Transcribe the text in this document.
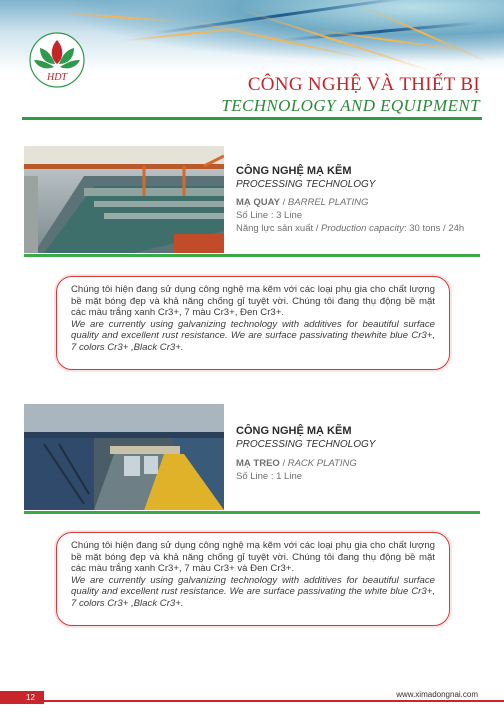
HDT	CÔNG NGHỆ VÀ THIẾT BỊ
TECHNOLOGY AND EQUIPMENT
CÔNG NGHỆ MẠ KẼM
PROCESSING TECHNOLOGY
MẠ QUAY / BARREL PLATING
Số Line : 3 Line
Năng lực sản xuất / Production capacity: 30 tons / 24h
Chúng tôi hiện đang sử dụng công nghệ mạ kẽm với các loại phụ gia cho chất lượng bề mặt bóng đẹp và khả năng chống gỉ tuyệt vời. Chúng tôi đang thụ động bề mặt các màu trắng xanh Cr3+, 7 màu Cr3+, Đen Cr3+.
We are currently using galvanizing technology with additives for beautiful surface quality and excellent rust resistance. We are surface passivating thewhite blue Cr3+, 7 colors Cr3+ ,Black Cr3+.
CÔNG NGHỆ MẠ KẼM
PROCESSING TECHNOLOGY
MẠ TREO / RACK PLATING
Số Line : 1 Line
Chúng tôi hiện đang sử dụng công nghệ mạ kẽm với các loại phụ gia cho chất lượng bề mặt bóng đẹp và khả năng chống gỉ tuyệt vời. Chúng tôi đang thụ động bề mặt các màu trắng xanh Cr3+, 7 màu Cr3+ và Đen Cr3+.
We are currently using galvanizing technology with additives for beautiful surface quality and excellent rust resistance. We are surface passivating the white blue Cr3+, 7 colors Cr3+ ,Black Cr3+.
12	www.ximadongnai.com
